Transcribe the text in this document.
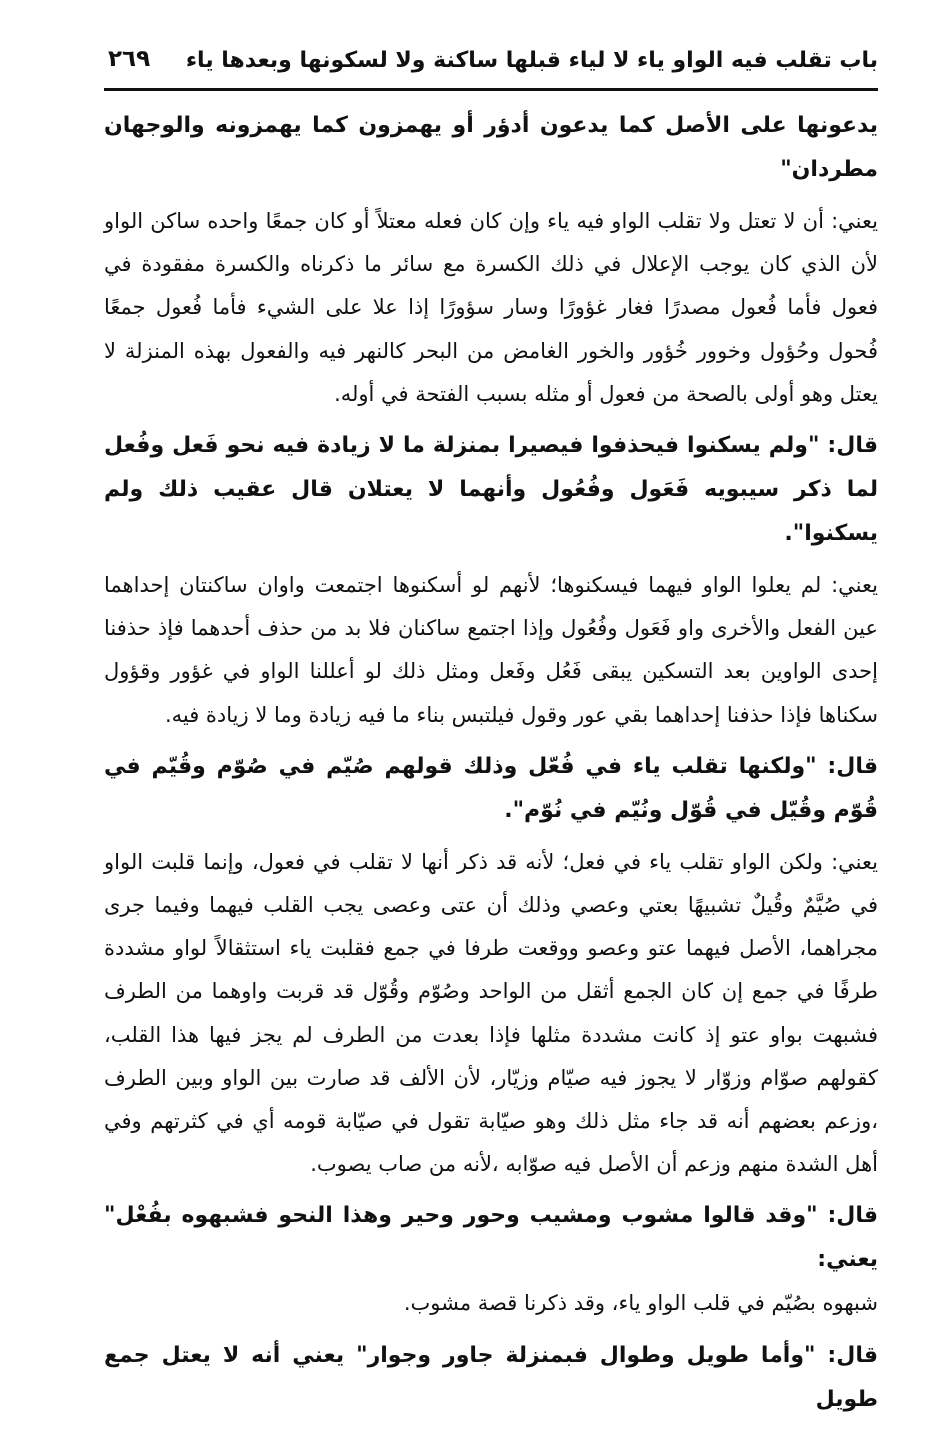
باب تقلب فيه الواو ياء لا لياء قبلها ساكنة ولا لسكونها وبعدها ياء
٢٦٩

يدعونها على الأصل كما يدعون أدؤر أو يهمزون كما يهمزونه والوجهان مطردان"

يعني: أن لا تعتل ولا تقلب الواو فيه ياء وإن كان فعله معتلاً أو كان جمعًا واحده ساكن الواو لأن الذي كان يوجب الإعلال في ذلك الكسرة مع سائر ما ذكرناه والكسرة مفقودة في فعول فأما فُعول مصدرًا فغار غؤورًا وسار سؤورًا إذا علا على الشيء فأما فُعول جمعًا فُحول وحُؤول وخوور خُؤور والخور الغامض من البحر كالنهر فيه والفعول بهذه المنزلة لا يعتل وهو أولى بالصحة من فعول أو مثله بسبب الفتحة في أوله.

قال: "ولم يسكنوا فيحذفوا فيصيرا بمنزلة ما لا زيادة فيه نحو فَعل وفُعل لما ذكر سيبويه فَعَول وفُعُول وأنهما لا يعتلان قال عقيب ذلك ولم يسكنوا".

يعني: لم يعلوا الواو فيهما فيسكنوها؛ لأنهم لو أسكنوها اجتمعت واوان ساكنتان إحداهما عين الفعل والأخرى واو فَعَول وفُعُول وإذا اجتمع ساكنان فلا بد من حذف أحدهما فإذ حذفنا إحدى الواوين بعد التسكين يبقى فَعُل وفَعل ومثل ذلك لو أعللنا الواو في غؤور وقؤول سكناها فإذا حذفنا إحداهما بقي عور وقول فيلتبس بناء ما فيه زيادة وما لا زيادة فيه.

قال: "ولكنها تقلب ياء في فُعّل وذلك قولهم صُيّم في صُوّم وقُيّم في قُوّم وقُيّل في قُوّل ونُيّم في نُوّم".

يعني: ولكن الواو تقلب ياء في فعل؛ لأنه قد ذكر أنها لا تقلب في فعول، وإنما قلبت الواو في صُيَّمٌ وقُيلٌ تشبيهًا بعتي وعصي وذلك أن عتى وعصى يجب القلب فيهما وفيما جرى مجراهما، الأصل فيهما عتو وعصو ووقعت طرفا في جمع فقلبت ياء استثقالاً لواو مشددة طرفًا في جمع إن كان الجمع أثقل من الواحد وصُوّم وقُوّل قد قربت واوهما من الطرف فشبهت بواو عتو إذ كانت مشددة مثلها فإذا بعدت من الطرف لم يجز فيها هذا القلب، كقولهم صوّام وزوّار لا يجوز فيه صيّام وزيّار، لأن الألف قد صارت بين الواو وبين الطرف ،وزعم بعضهم أنه قد جاء مثل ذلك وهو صيّابة تقول في صيّابة قومه أي في كثرتهم وفي أهل الشدة منهم وزعم أن الأصل فيه صوّابه ،لأنه من صاب يصوب.

قال: "وقد قالوا مشوب ومشيب وحور وحير وهذا النحو فشبهوه بفُعْل" يعني:

شبهوه بصُيّم في قلب الواو ياء، وقد ذكرنا قصة مشوب.

قال: "وأما طويل وطوال فبمنزلة جاور وجوار" يعني أنه لا يعتل جمع طويل
